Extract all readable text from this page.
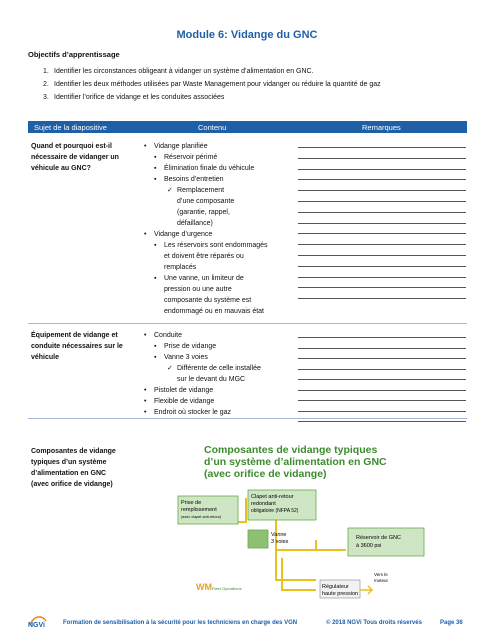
Module 6: Vidange du GNC
Objectifs d’apprentissage
1. Identifier les circonstances obligeant à vidanger un système d’alimentation en GNC.
2. Identifier les deux méthodes utilisées par Waste Management pour vidanger ou réduire la quantité de gaz
3. Identifier l’orifice de vidange et les conduites associées
Sujet de la diapositive	Contenu	Remarques
Quand et pourquoi est-il
nécessaire de vidanger un
véhicule au GNC?
• Vidange planifiée
▪ Réservoir périmé
▪ Élimination finale du véhicule
▪ Besoins d’entretien
✓ Remplacement
d’une composante
(garantie, rappel,
défaillance)
• Vidange d’urgence
▪ Les réservoirs sont endommagés
et doivent être réparés ou
remplacés
▪ Une vanne, un limiteur de
pression ou une autre
composante du système est
endommagé ou en mauvais état
Équipement de vidange et
conduite nécessaires sur le
véhicule
• Conduite
▪ Prise de vidange
▪ Vanne 3 voies
✓ Différente de celle installée
sur le devant du MGC
• Pistolet de vidange
• Flexible de vidange
• Endroit où stocker le gaz
Composantes de vidange
typiques d’un système
d’alimentation en GNC
(avec orifice de vidange)
Composantes de vidange typiques
d’un système d’alimentation en GNC
(avec orifice de vidange)
Prise de
remplissement
(avec clapet anti-retour)
Clapet anti-retour
redondant
obligatoire (NFPA 52)
Vanne
3 voies
Réservoir de GNC
à 3600 psi
Régulateur
haute pression
Vers le
moteur
WM Fleet Operations
NGVi	Formation de sensibilisation à la sécurité pour les techniciens en charge des VGN	© 2018 NGVi Tous droits réservés	Page 36
